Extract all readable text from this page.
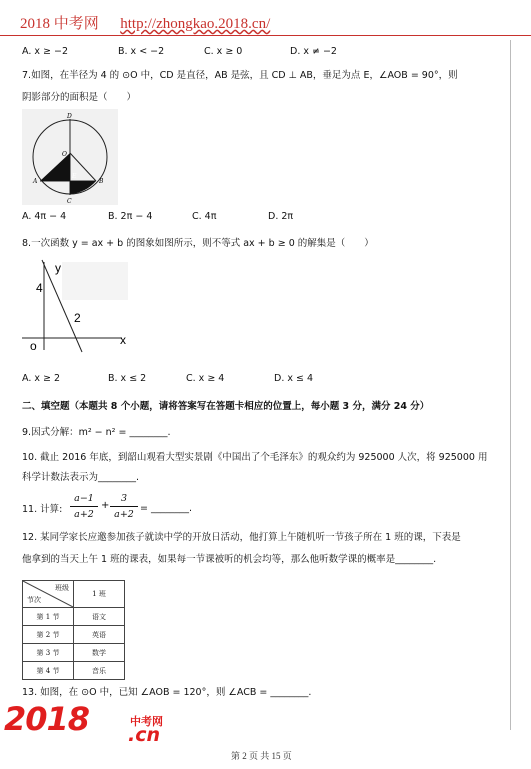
2018 中考网 http://zhongkao.2018.cn/
A. x ≥ −2	B. x < −2	C. x ≥ 0	D. x ≠ −2
7.如图，在半径为 4 的 ⊙O 中，CD 是直径，AB 是弦，且 CD ⊥ AB，垂足为点 E，∠AOB = 90°，则
阴影部分的面积是（　　）
D
O
A
E
B
C
A. 4π − 4	B. 2π − 4	C. 4π	D. 2π
8.一次函数 y = ax + b 的图象如图所示，则不等式 ax + b ≥ 0 的解集是（　　）
y
x
o
4
2
A. x ≥ 2	B. x ≤ 2	C. x ≥ 4	D. x ≤ 4
二、填空题（本题共 8 个小题，请将答案写在答题卡相应的位置上，每小题 3 分，满分 24 分）
9.因式分解：m² − n² = ________.
10. 截止 2016 年底，到韶山观看大型实景剧《中国出了个毛泽东》的观众约为 925000 人次，将 925000 用
科学计数法表示为________.
11. 计算:
a−1
a+2
+
3
a+2
= ________.
12. 某同学家长应邀参加孩子就读中学的开放日活动，他打算上午随机听一节孩子所在 1 班的课，下表是
他拿到的当天上午 1 班的课表，如果每一节课被听的机会均等，那么他听数学课的概率是________.
班级
节次	1 班
第 1 节	语文
第 2 节	英语
第 3 节	数学
第 4 节	音乐
13. 如图，在 ⊙O 中，已知 ∠AOB = 120°，则 ∠ACB = ________.
2018	中考网
.cn
第 2 页 共 15 页
